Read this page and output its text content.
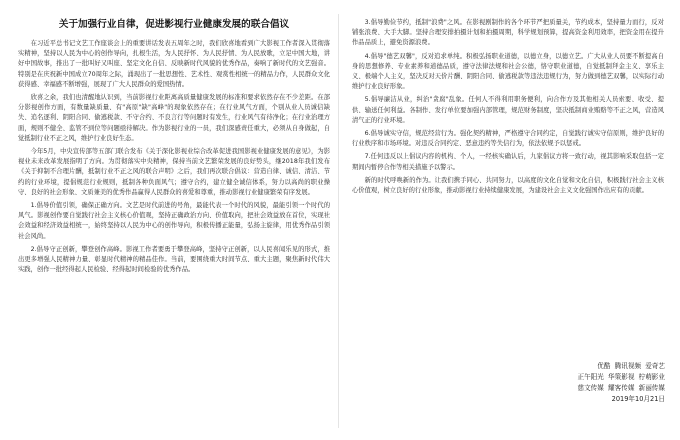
关于加强行业自律，促进影视行业健康发展的联合倡议

在习近平总书记文艺工作座谈会上的重要讲话发表五周年之时，我们欣喜地看到广大影视工作者深入贯彻落实精神，坚持以人民为中心的创作导向，扎根生活，为人民抒怀、为人民抒情、为人民放歌，立足中国大地，讲好中国故事，推出了一批叫好又叫座、坚定文化自信、反映新时代风貌的优秀作品，奏响了新时代的文艺强音。特别是在庆祝新中国成立70周年之际，涌现出了一批思想性、艺术性、观赏性相统一的精品力作，人民群众文化获得感、幸福感不断增强，展现了广大人民群众的爱国热情。

欣喜之余，我们也清醒地认识到，当前影视行业距离高质量健康发展的标准和要求依然存在不少差距。在部分影视创作方面，有数量缺质量、有"高原"缺"高峰"的现象依然存在；在行业风气方面，个别从业人员诚信缺失、追名逐利、阴阳合同、偷逃税款、不守合约、不良言行等问题时有发生，行业风气有待净化；在行业治理方面，规则不健全、监管不到位等问题亟待解决。作为影视行业的一员，我们深感责任重大，必须从自身做起，自觉抵制行业不正之风，维护行业良好生态。

今年5月，中央宣传部等五部门联合发布《关于深化影视业综合改革促进我国影视业健康发展的意见》，为影视业未来改革发展指明了方向。为贯彻落实中央精神，保持当前文艺繁荣发展的良好势头，继2018年我们发布《关于抑制不合理片酬，抵制行业不正之风的联合声明》之后，我们再次联合倡议：营造自律、诚信、清洁、节约的行业环境，提倡规范行业规则，抵制各种负面风气；遵守合约，建立健全诚信体系，努力以高尚的职业操守、良好的社会形象、文质兼美的优秀作品赢得人民群众的喜爱和尊重，推动影视行业健康繁荣有序发展。

1.倡导价值引领，确保正确方向。文艺是时代前进的号角，最能代表一个时代的风貌，最能引领一个时代的风气。影视创作要自觉践行社会主义核心价值观，坚持正确政治方向、价值取向，把社会效益放在首位，实现社会效益和经济效益相统一，始终坚持以人民为中心的创作导向，积极传播正能量，弘扬主旋律，用优秀作品引领社会风尚。

2.倡导守正创新，攀登创作高峰。影视工作者要勇于攀登高峰，坚持守正创新，以人民喜闻乐见的形式，推出更多增强人民精神力量、彰显时代精神的精品佳作。当前，要围绕重大时间节点、重大主题，聚焦新时代伟大实践，创作一批经得起人民检验、经得起时间检验的优秀作品。

3.倡导勤俭节约，抵制"浪费"之风。在影视剧制作的各个环节严把质量关，节约成本，坚持量力而行，反对铺张浪费、大手大脚。坚持合理安排拍摄计划和拍摄周期，科学规划预算，提高资金利用效率，把资金用在提升作品品质上，避免资源浪费。

4.倡导"德艺双馨"，反对追求单纯。积极弘扬职业道德，以德立身，以德立艺。广大从业人员要不断提高自身的思想修养、专业素养和道德品质，遵守法律法规和社会公德，恪守职业道德，自觉抵制拜金主义、享乐主义、极端个人主义，坚决反对天价片酬、阴阳合同、偷逃税款等违法违规行为，努力做到德艺双馨，以实际行动维护行业良好形象。

5.倡导廉洁从业，纠治"贪腐"乱象。任何人不得利用职务便利，向合作方及其他相关人员索要、收受、提供、输送任何利益。各制作、发行单位要加强内部管理，规范财务制度，坚决抵制商业贿赂等不正之风，营造风清气正的行业环境。

6.倡导诚实守信，规范经营行为。强化契约精神，严格遵守合同约定，自觉践行诚实守信原则，维护良好的行业秩序和市场环境。对违反合同约定、恶意违约等失信行为，依法依规予以惩戒。

7.任何违反以上倡议内容的机构、个人，一经核实确认后，九家倡议方将一致行动，视其影响采取包括一定期间内暂停合作等相关措施予以警示。

新的时代呼唤新的作为。让我们携手同心、共同努力，以高度的文化自觉和文化自信，积极践行社会主义核心价值观，树立良好的行业形象，推动影视行业持续健康发展，为建设社会主义文化强国作出应有的贡献。

优酷  腾讯视频  爱奇艺
正午阳光  华策影视  柠萌影业
慈文传媒  耀客传媒  新丽传媒
2019年10月21日
